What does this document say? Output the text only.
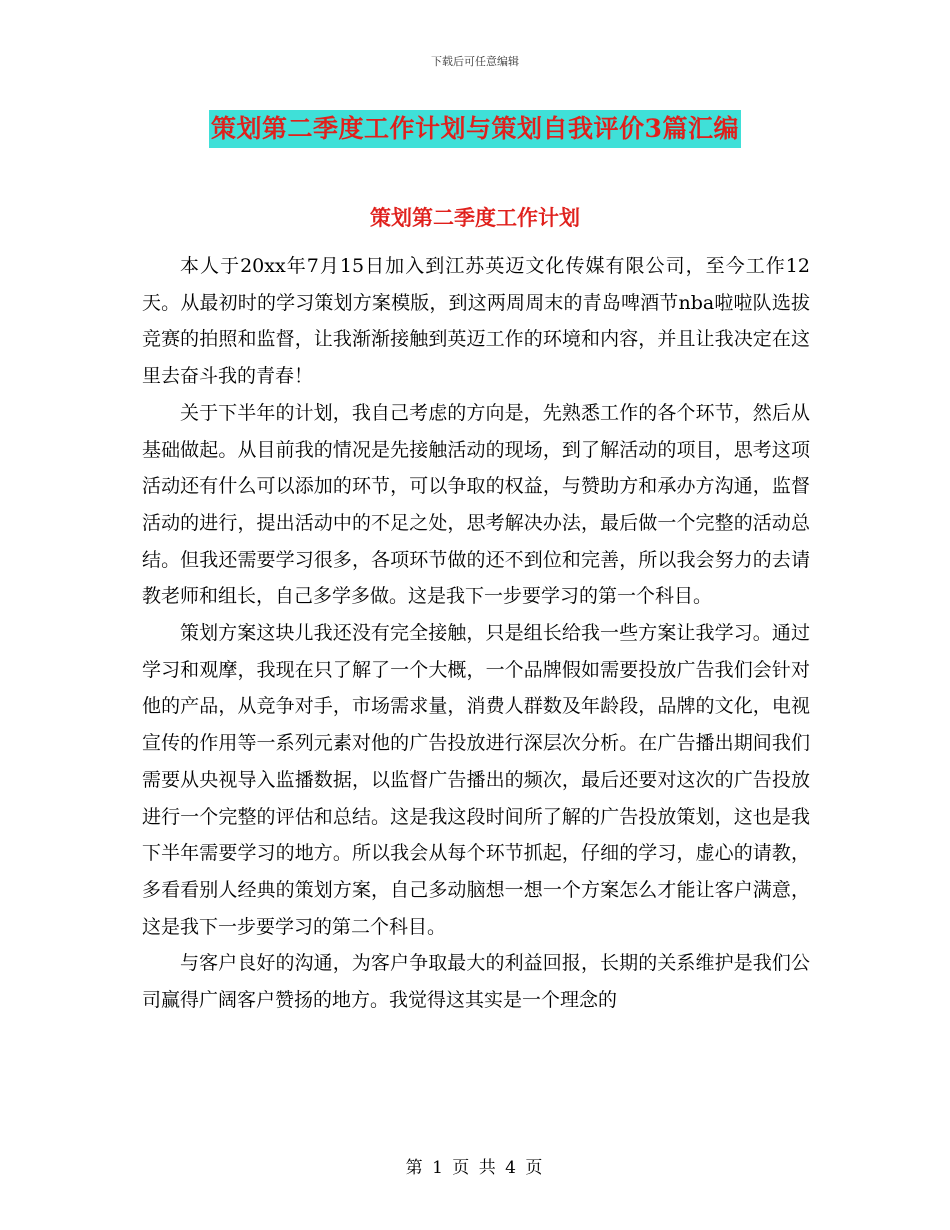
下载后可任意编辑
策划第二季度工作计划与策划自我评价3篇汇编
策划第二季度工作计划

本人于20xx年7月15日加入到江苏英迈文化传媒有限公司，至今工作12天。从最初时的学习策划方案模版，到这两周周末的青岛啤酒节nba啦啦队选拔竞赛的拍照和监督，让我渐渐接触到英迈工作的环境和内容，并且让我决定在这里去奋斗我的青春！

关于下半年的计划，我自己考虑的方向是，先熟悉工作的各个环节，然后从基础做起。从目前我的情况是先接触活动的现场，到了解活动的项目，思考这项活动还有什么可以添加的环节，可以争取的权益，与赞助方和承办方沟通，监督活动的进行，提出活动中的不足之处，思考解决办法，最后做一个完整的活动总结。但我还需要学习很多，各项环节做的还不到位和完善，所以我会努力的去请教老师和组长，自己多学多做。这是我下一步要学习的第一个科目。

策划方案这块儿我还没有完全接触，只是组长给我一些方案让我学习。通过学习和观摩，我现在只了解了一个大概，一个品牌假如需要投放广告我们会针对他的产品，从竞争对手，市场需求量，消费人群数及年龄段，品牌的文化，电视宣传的作用等一系列元素对他的广告投放进行深层次分析。在广告播出期间我们需要从央视导入监播数据，以监督广告播出的频次，最后还要对这次的广告投放进行一个完整的评估和总结。这是我这段时间所了解的广告投放策划，这也是我下半年需要学习的地方。所以我会从每个环节抓起，仔细的学习，虚心的请教，多看看别人经典的策划方案，自己多动脑想一想一个方案怎么才能让客户满意，这是我下一步要学习的第二个科目。

与客户良好的沟通，为客户争取最大的利益回报，长期的关系维护是我们公司赢得广阔客户赞扬的地方。我觉得这其实是一个理念的

第 1 页 共 4 页
